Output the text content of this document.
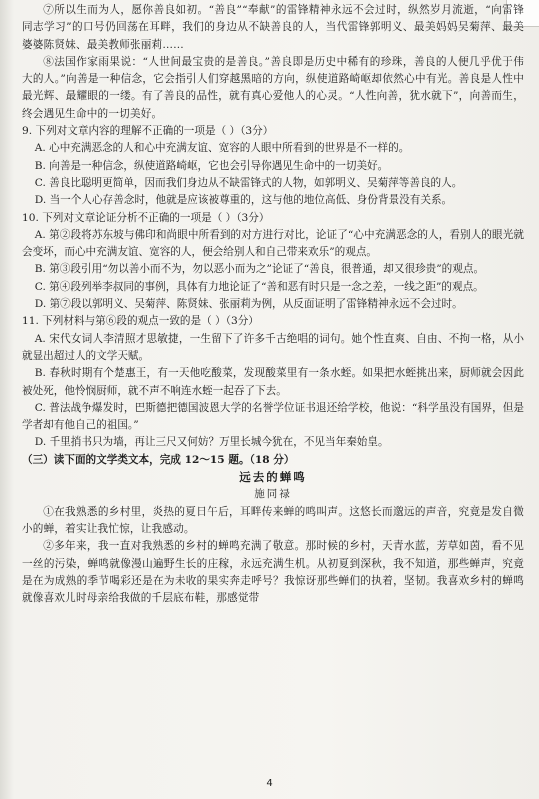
⑦所以生而为人，愿你善良如初。“善良”“奉献”的雷锋精神永远不会过时，纵然岁月流逝，“向雷锋同志学习”的口号仍回荡在耳畔，我们的身边从不缺善良的人，当代雷锋郭明义、最美妈妈吴菊萍、最美婆婆陈贤妹、最美教师张丽莉……

⑧法国作家雨果说：“人世间最宝贵的是善良。”善良即是历史中稀有的珍珠，善良的人便几乎优于伟大的人。”向善是一种信念，它会指引人们穿越黑暗的方向，纵使道路崎岖却依然心中有光。善良是人性中最光辉、最耀眼的一缕。有了善良的品性，就有真心爱他人的心灵。“人性向善，犹水就下”，向善而生，终会遇见生命中的一切美好。

9. 下列对文章内容的理解不正确的一项是（ ）（3分）

A. 心中充满恶念的人和心中充满友谊、宽容的人眼中所看到的世界是不一样的。

B. 向善是一种信念，纵使道路崎岖，它也会引导你遇见生命中的一切美好。

C. 善良比聪明更简单，因而我们身边从不缺雷锋式的人物，如郭明义、吴菊萍等善良的人。

D. 当一个人心存善念时，他就是应该被尊重的，这与他的地位高低、身份背景没有关系。

10. 下列对文章论证分析不正确的一项是（ ）（3分）

A. 第②段将苏东坡与佛印和尚眼中所看到的对方进行对比，论证了“心中充满恶念的人，看别人的眼光就会变坏，而心中充满友谊、宽容的人，便会给别人和自己带来欢乐”的观点。

B. 第③段引用“勿以善小而不为，勿以恶小而为之”论证了“善良，很普通，却又很珍贵”的观点。

C. 第④段列举李叔同的事例，具体有力地论证了“善和恶有时只是一念之差，一线之距”的观点。

D. 第⑦段以郭明义、吴菊萍、陈贤妹、张丽莉为例，从反面证明了雷锋精神永远不会过时。

11. 下列材料与第⑥段的观点一致的是（ ）（3分）

A. 宋代女词人李清照才思敏捷，一生留下了许多千古绝唱的词句。她个性直爽、自由、不拘一格，从小就显出超过人的文学天赋。

B. 春秋时期有个楚惠王，有一天他吃酸菜，发现酸菜里有一条水蛭。如果把水蛭挑出来，厨师就会因此被处死，他怜悯厨师，就不声不响连水蛭一起吞了下去。

C. 普法战争爆发时，巴斯德把德国波恩大学的名誉学位证书退还给学校，他说：“科学虽没有国界，但是学者却有他自己的祖国。”

D. 千里捎书只为墙，再让三尺又何妨？万里长城今犹在，不见当年秦始皇。

（三）读下面的文学类文本，完成 12～15 题。（18 分）

远去的蝉鸣

施同禄

①在我熟悉的乡村里，炎热的夏日午后，耳畔传来蝉的鸣叫声。这悠长而邈远的声音，究竟是发自微小的蝉，着实让我忙惊，让我感动。

②多年来，我一直对我熟悉的乡村的蝉鸣充满了敬意。那时候的乡村，天青水蓝，芳草如茵，看不见一丝的污染，蝉鸣就像漫山遍野生长的庄稼，永远充满生机。从初夏到深秋，我不知道，那些蝉声，究竟是在为成熟的季节喝彩还是在为未收的果实奔走呼号？我惊讶那些蝉们的执着，坚韧。我喜欢乡村的蝉鸣就像喜欢儿时母亲给我做的千层底布鞋，那感觉带

4
